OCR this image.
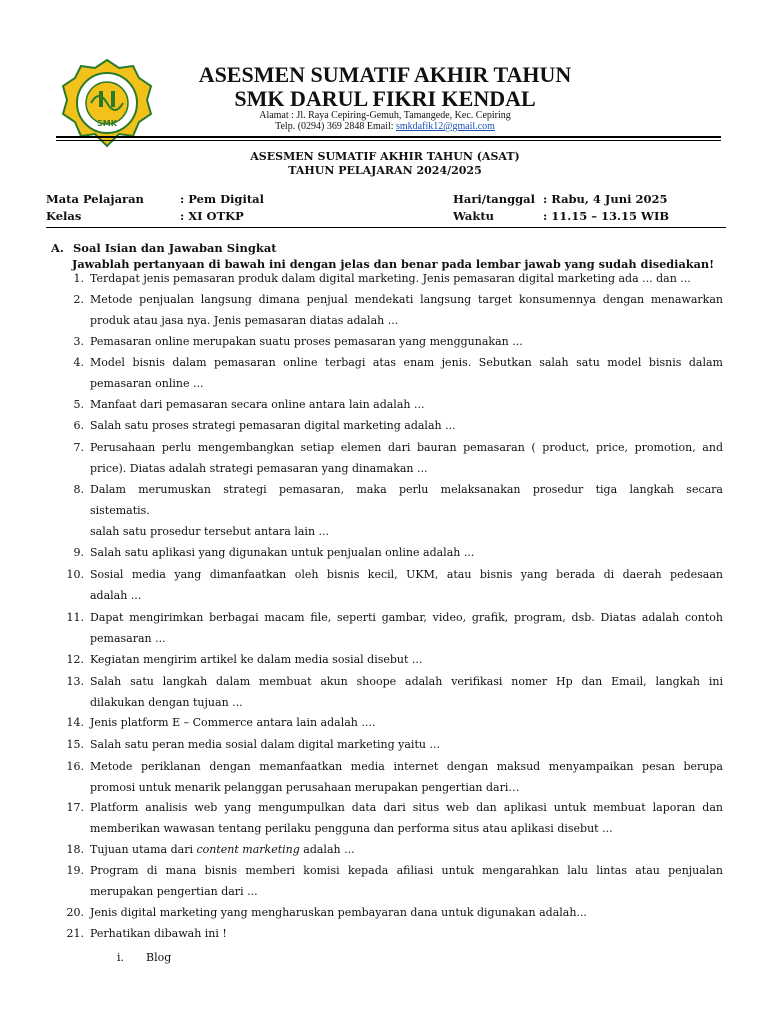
SMK
ASESMEN SUMATIF AKHIR TAHUN
SMK DARUL FIKRI KENDAL
Alamat : Jl. Raya Cepiring-Gemuh, Tamangede, Kec. Cepiring
Telp. (0294) 369 2848 Email: smkdafik12@gmail.com
ASESMEN SUMATIF AKHIR TAHUN (ASAT)
TAHUN PELAJARAN 2024/2025
Mata Pelajaran	: Pem Digital
Kelas	: XI OTKP
Hari/tanggal : Rabu, 4 Juni 2025
Waktu	: 11.15 – 13.15 WIB
A. Soal Isian dan Jawaban Singkat
Jawablah pertanyaan di bawah ini dengan jelas dan benar pada lembar jawab yang sudah disediakan!
1. Terdapat jenis pemasaran produk dalam digital marketing. Jenis pemasaran digital marketing ada ... dan ...
2. Metode penjualan langsung dimana penjual mendekati langsung target konsumennya dengan menawarkan
produk atau jasa nya. Jenis pemasaran diatas adalah ...
3. Pemasaran online merupakan suatu proses pemasaran yang menggunakan ...
4. Model bisnis dalam pemasaran online terbagi atas enam jenis. Sebutkan salah satu model bisnis dalam
pemasaran online ...
5. Manfaat dari pemasaran secara online antara lain adalah ...
6. Salah satu proses strategi pemasaran digital marketing adalah ...
7. Perusahaan perlu mengembangkan setiap elemen dari bauran pemasaran ( product, price, promotion, and
price). Diatas adalah strategi pemasaran yang dinamakan ...
8. Dalam merumuskan strategi pemasaran, maka perlu melaksanakan prosedur tiga langkah secara
sistematis.
salah satu prosedur tersebut antara lain ...
9. Salah satu aplikasi yang digunakan untuk penjualan online adalah ...
10. Sosial media yang dimanfaatkan oleh bisnis kecil, UKM, atau bisnis yang berada di daerah pedesaan
adalah ...
11. Dapat mengirimkan berbagai macam file, seperti gambar, video, grafik, program, dsb. Diatas adalah contoh
pemasaran ...
12. Kegiatan mengirim artikel ke dalam media sosial disebut ...
13. Salah satu langkah dalam membuat akun shoope adalah verifikasi nomer Hp dan Email, langkah ini
dilakukan dengan tujuan ...
14. Jenis platform E – Commerce antara lain adalah ....
15. Salah satu peran media sosial dalam digital marketing yaitu ...
16. Metode periklanan dengan memanfaatkan media internet dengan maksud menyampaikan pesan berupa
promosi untuk menarik pelanggan perusahaan merupakan pengertian dari…
17. Platform analisis web yang mengumpulkan data dari situs web dan aplikasi untuk membuat laporan dan
memberikan wawasan tentang perilaku pengguna dan performa situs atau aplikasi disebut ...
18. Tujuan utama dari content marketing adalah ...
19. Program di mana bisnis memberi komisi kepada afiliasi untuk mengarahkan lalu lintas atau penjualan
merupakan pengertian dari ...
20. Jenis digital marketing yang mengharuskan pembayaran dana untuk digunakan adalah...
21. Perhatikan dibawah ini !
i. Blog
